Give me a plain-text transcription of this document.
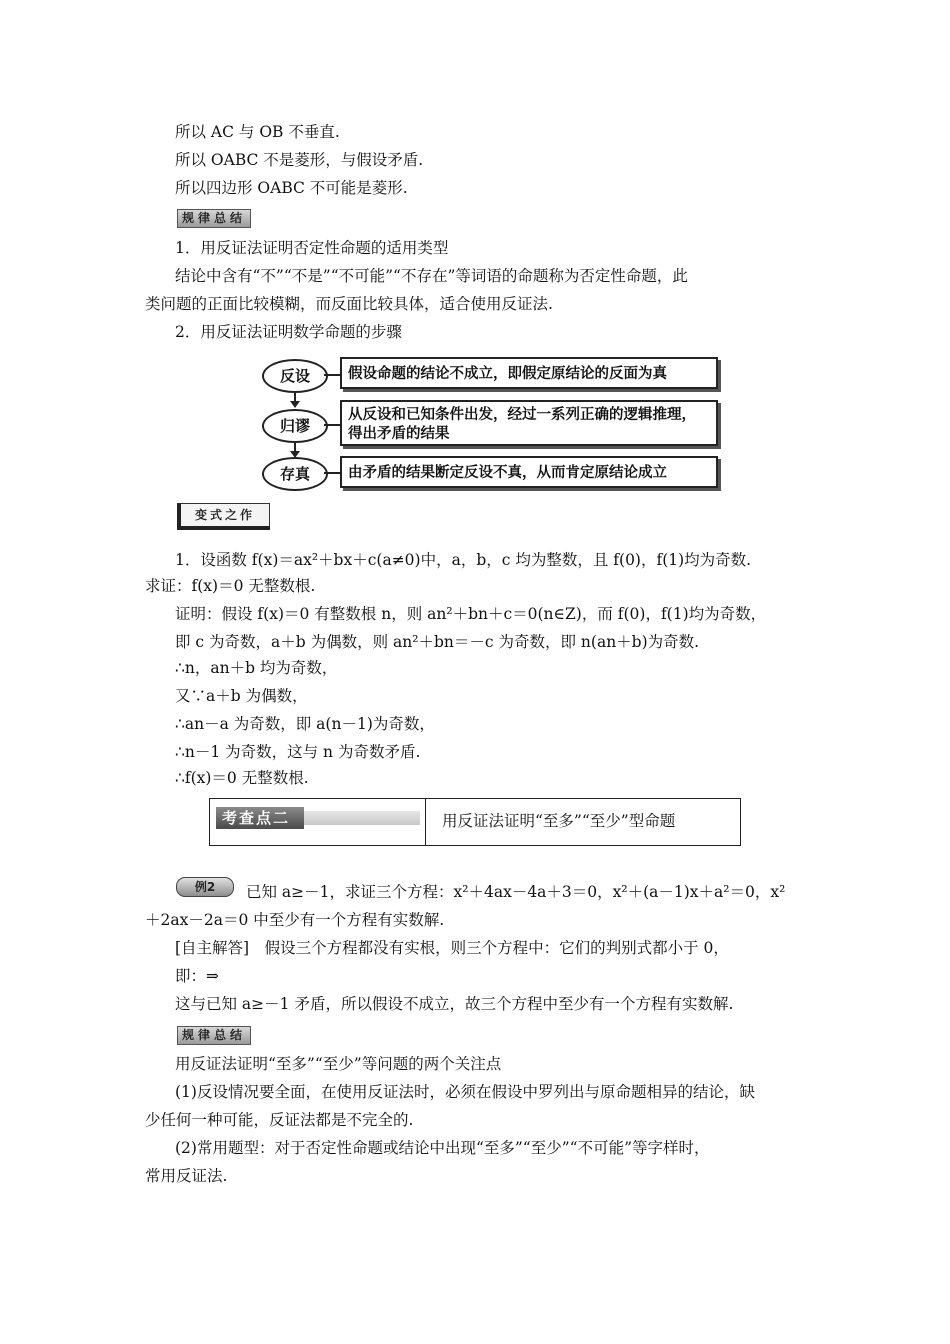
所以 AC 与 OB 不垂直.
所以 OABC 不是菱形，与假设矛盾.
所以四边形 OABC 不可能是菱形.
规律总结
1．用反证法证明否定性命题的适用类型
结论中含有“不”“不是”“不可能”“不存在”等词语的命题称为否定性命题，此
类问题的正面比较模糊，而反面比较具体，适合使用反证法.
2．用反证法证明数学命题的步骤
反设	假设命题的结论不成立，即假定原结论的反面为真
归谬
从反设和已知条件出发，经过一系列正确的逻辑推理，得出矛盾的结果
存真	由矛盾的结果断定反设不真，从而肯定原结论成立
变式之作
1．设函数 f(x)＝ax²＋bx＋c(a≠0)中，a，b，c 均为整数，且 f(0)，f(1)均为奇数.
求证：f(x)＝0 无整数根.
证明：假设 f(x)＝0 有整数根 n，则 an²＋bn＋c＝0(n∈Z)，而 f(0)，f(1)均为奇数，
即 c 为奇数，a＋b 为偶数，则 an²＋bn＝－c 为奇数，即 n(an＋b)为奇数.
∴n，an＋b 均为奇数，
又∵a＋b 为偶数，
∴an－a 为奇数，即 a(n－1)为奇数，
∴n－1 为奇数，这与 n 为奇数矛盾.
∴f(x)＝0 无整数根.
考查点二	用反证法证明“至多”“至少”型命题
例2	已知 a≥－1，求证三个方程：x²＋4ax－4a＋3＝0，x²＋(a－1)x＋a²＝0，x²
＋2ax－2a＝0 中至少有一个方程有实数解.
[自主解答]　假设三个方程都没有实根，则三个方程中：它们的判别式都小于 0，
即：⇒
这与已知 a≥－1 矛盾，所以假设不成立，故三个方程中至少有一个方程有实数解.
规律总结
用反证法证明“至多”“至少”等问题的两个关注点
(1)反设情况要全面，在使用反证法时，必须在假设中罗列出与原命题相异的结论，缺
少任何一种可能，反证法都是不完全的.
(2)常用题型：对于否定性命题或结论中出现“至多”“至少”“不可能”等字样时，
常用反证法.
